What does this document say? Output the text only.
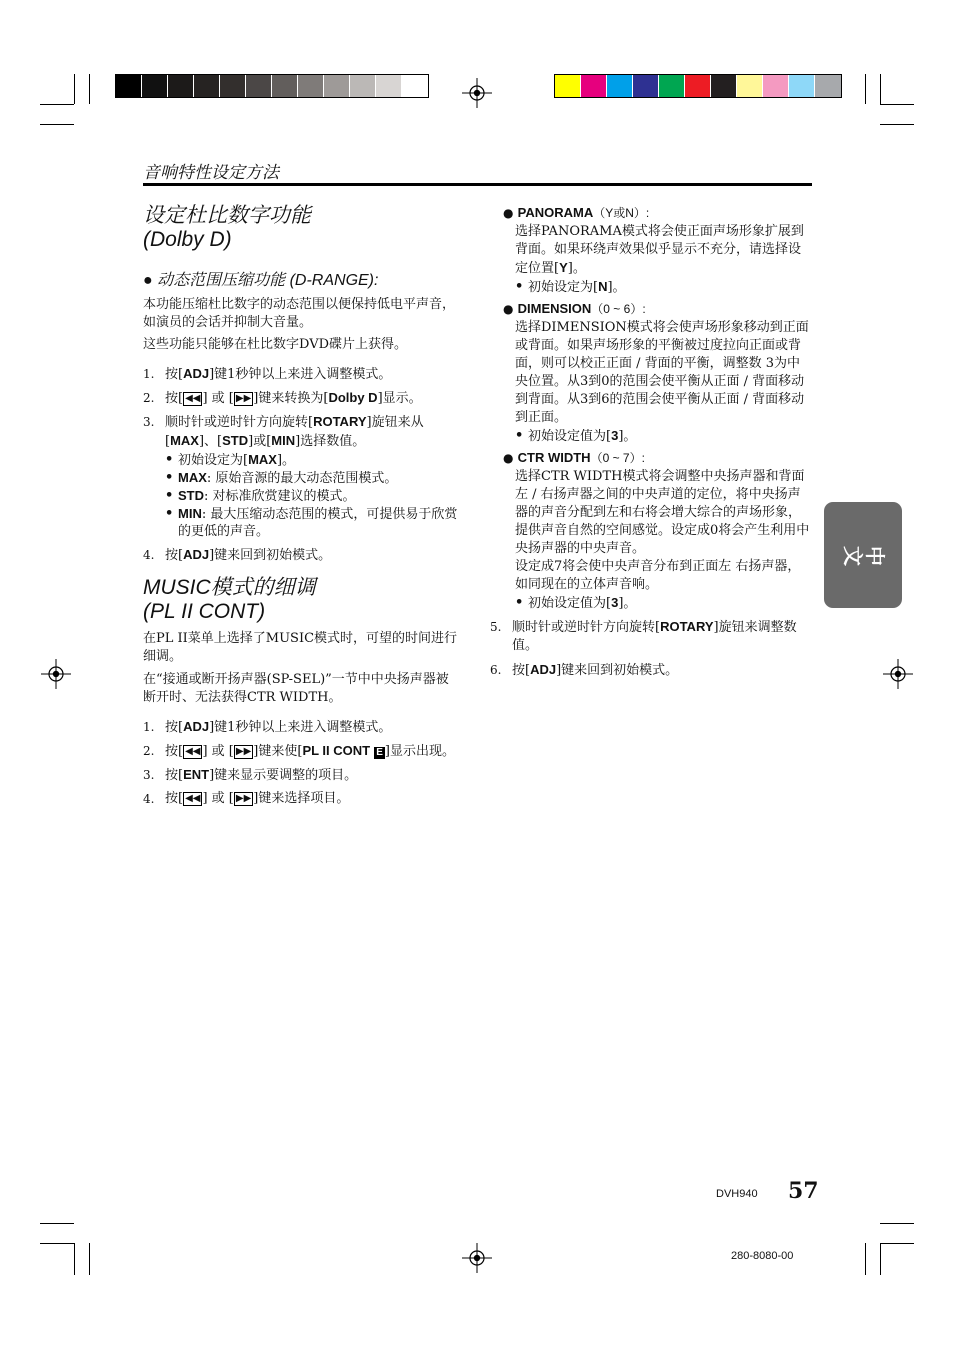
音响特性设定方法
设定杜比数字功能
(Dolby D)
● 动态范围压缩功能 (D-RANGE):

本功能压缩杜比数字的动态范围以便保持低电平声音，如演员的会话并抑制大音量。

这些功能只能够在杜比数字DVD碟片上获得。

1. 按[ADJ]键1秒钟以上来进入调整模式。
2. 按[ ◀◀ ] 或 [ ▶▶ ]键来转换为[Dolby D]显示。
3. 顺时针或逆时针方向旋转[ROTARY]旋钮来从[MAX]、[STD]或[MIN]选择数值。
• 初始设定为[MAX]。
• MAX: 原始音源的最大动态范围模式。
• STD: 对标准欣赏建议的模式。
• MIN: 最大压缩动态范围的模式，可提供易于欣赏的更低的声音。
4. 按[ADJ]键来回到初始模式。
MUSIC模式的细调
(PL II CONT)

在PL II菜单上选择了MUSIC模式时，可望的时间进行细调。

在“接通或断开扬声器(SP-SEL)”一节中中央扬声器被断开时、无法获得CTR WIDTH。

1. 按[ADJ]键1秒钟以上来进入调整模式。
2. 按[ ◀◀ ] 或 [ ▶▶ ]键来使[PL II CONT E ]显示出现。
3. 按[ENT]键来显示要调整的项目。
4. 按[ ◀◀ ] 或 [ ▶▶ ]键来选择项目。
● PANORAMA（Y或N）:

选择PANORAMA模式将会使正面声场形象扩展到背面。如果环绕声效果似乎显示不充分，请选择设定位置[Y]。

• 初始设定为[N]。
● DIMENSION（0 ~ 6）:

选择DIMENSION模式将会使声场形象移动到正面或背面。如果声场形象的平衡被过度拉向正面或背面，则可以校正正面 / 背面的平衡，调整数 3为中央位置。从3到0的范围会使平衡从正面 / 背面移动到背面。从3到6的范围会使平衡从正面 / 背面移动到正面。

• 初始设定值为[3]。
● CTR WIDTH（0 ~ 7）:

选择CTR WIDTH模式将会调整中央扬声器和背面左 / 右扬声器之间的中央声道的定位，将中央扬声器的声音分配到左和右将会增大综合的声场形象，提供声音自然的空间感觉。设定成0将会产生利用中央扬声器的中央声音。

设定成7将会使中央声音分布到正面左 右扬声器，如同现在的立体声音响。

• 初始设定值为[3]。
5. 顺时针或逆时针方向旋转[ROTARY]旋钮来调整数值。
6. 按[ADJ]键来回到初始模式。
中文
DVH940 57
280-8080-00
